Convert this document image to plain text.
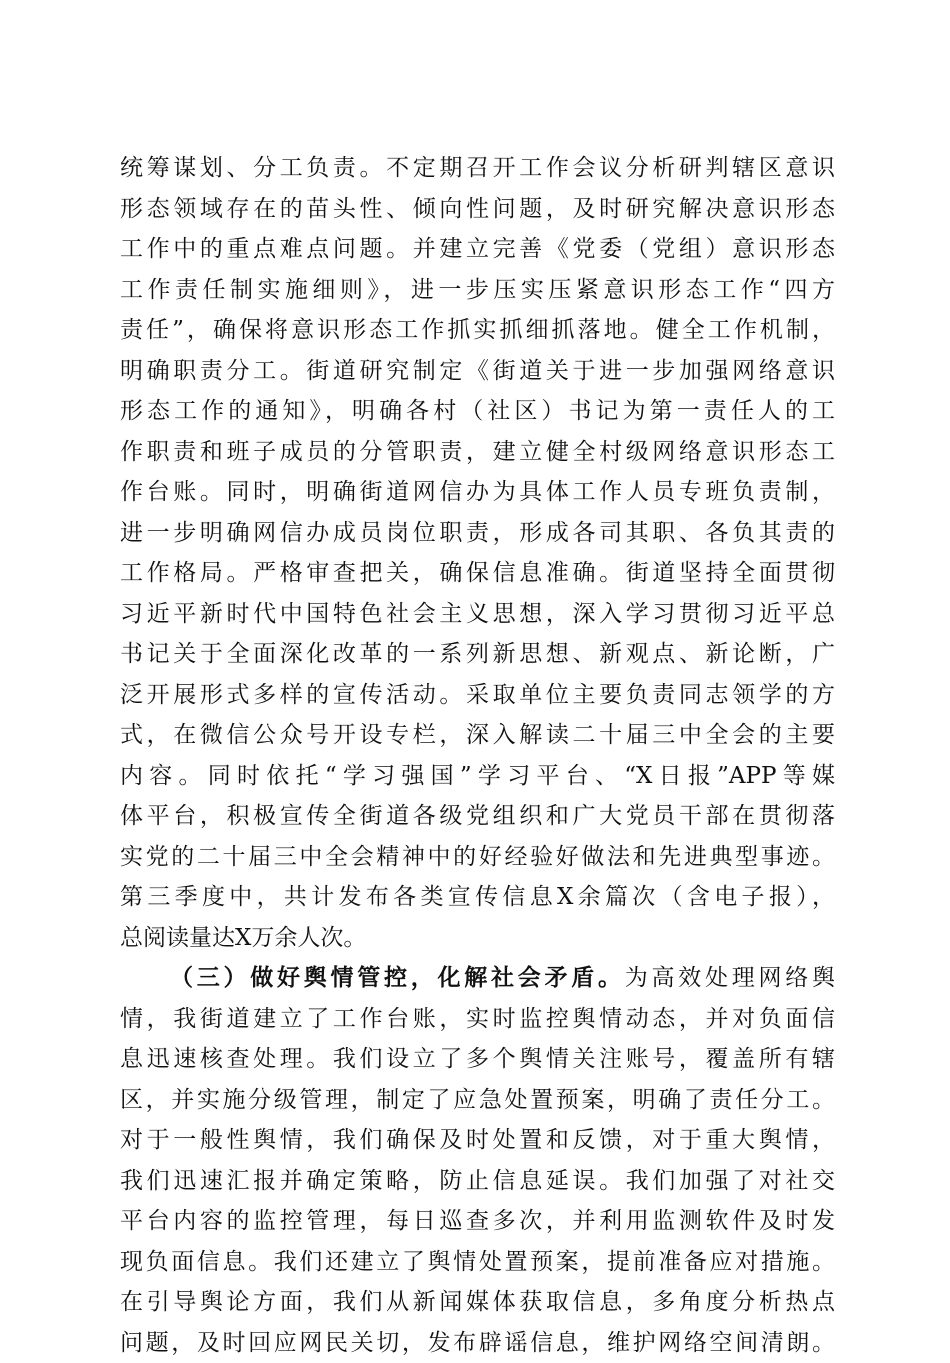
统筹谋划、分工负责。不定期召开工作会议分析研判辖区意识
形态领域存在的苗头性、倾向性问题，及时研究解决意识形态
工作中的重点难点问题。并建立完善《党委（党组）意识形态
工作责任制实施细则》，进一步压实压紧意识形态工作“四方
责任”，确保将意识形态工作抓实抓细抓落地。健全工作机制，
明确职责分工。街道研究制定《街道关于进一步加强网络意识
形态工作的通知》，明确各村（社区）书记为第一责任人的工
作职责和班子成员的分管职责，建立健全村级网络意识形态工
作台账。同时，明确街道网信办为具体工作人员专班负责制，
进一步明确网信办成员岗位职责，形成各司其职、各负其责的
工作格局。严格审查把关，确保信息准确。街道坚持全面贯彻
习近平新时代中国特色社会主义思想，深入学习贯彻习近平总
书记关于全面深化改革的一系列新思想、新观点、新论断，广
泛开展形式多样的宣传活动。采取单位主要负责同志领学的方
式，在微信公众号开设专栏，深入解读二十届三中全会的主要
内容。同时依托“学习强国”学习平台、“X日报”APP等媒
体平台，积极宣传全街道各级党组织和广大党员干部在贯彻落
实党的二十届三中全会精神中的好经验好做法和先进典型事迹。
第三季度中，共计发布各类宣传信息X余篇次（含电子报），
总阅读量达X万余人次。
（三）做好舆情管控，化解社会矛盾。为高效处理网络舆
情，我街道建立了工作台账，实时监控舆情动态，并对负面信
息迅速核查处理。我们设立了多个舆情关注账号，覆盖所有辖
区，并实施分级管理，制定了应急处置预案，明确了责任分工。
对于一般性舆情，我们确保及时处置和反馈，对于重大舆情，
我们迅速汇报并确定策略，防止信息延误。我们加强了对社交
平台内容的监控管理，每日巡查多次，并利用监测软件及时发
现负面信息。我们还建立了舆情处置预案，提前准备应对措施。
在引导舆论方面，我们从新闻媒体获取信息，多角度分析热点
问题，及时回应网民关切，发布辟谣信息，维护网络空间清朗。
